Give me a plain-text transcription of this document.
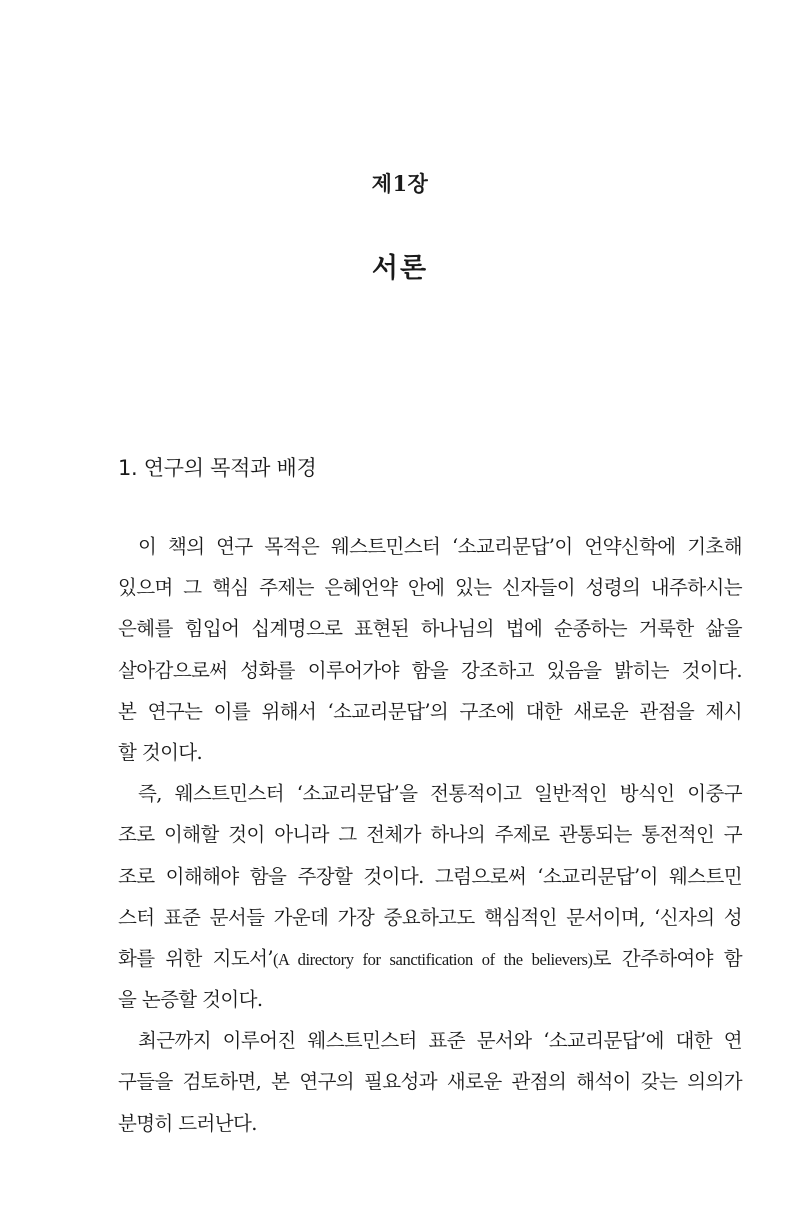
제1장
서론
1. 연구의 목적과 배경
이 책의 연구 목적은 웨스트민스터 ‘소교리문답’이 언약신학에 기초해
있으며 그 핵심 주제는 은혜언약 안에 있는 신자들이 성령의 내주하시는
은혜를 힘입어 십계명으로 표현된 하나님의 법에 순종하는 거룩한 삶을
살아감으로써 성화를 이루어가야 함을 강조하고 있음을 밝히는 것이다.
본 연구는 이를 위해서 ‘소교리문답’의 구조에 대한 새로운 관점을 제시
할 것이다.
즉, 웨스트민스터 ‘소교리문답’을 전통적이고 일반적인 방식인 이중구
조로 이해할 것이 아니라 그 전체가 하나의 주제로 관통되는 통전적인 구
조로 이해해야 함을 주장할 것이다. 그럼으로써 ‘소교리문답’이 웨스트민
스터 표준 문서들 가운데 가장 중요하고도 핵심적인 문서이며, ‘신자의 성
화를 위한 지도서’(A directory for sanctification of the believers)로 간주하여야 함
을 논증할 것이다.
최근까지 이루어진 웨스트민스터 표준 문서와 ‘소교리문답’에 대한 연
구들을 검토하면, 본 연구의 필요성과 새로운 관점의 해석이 갖는 의의가
분명히 드러난다.
